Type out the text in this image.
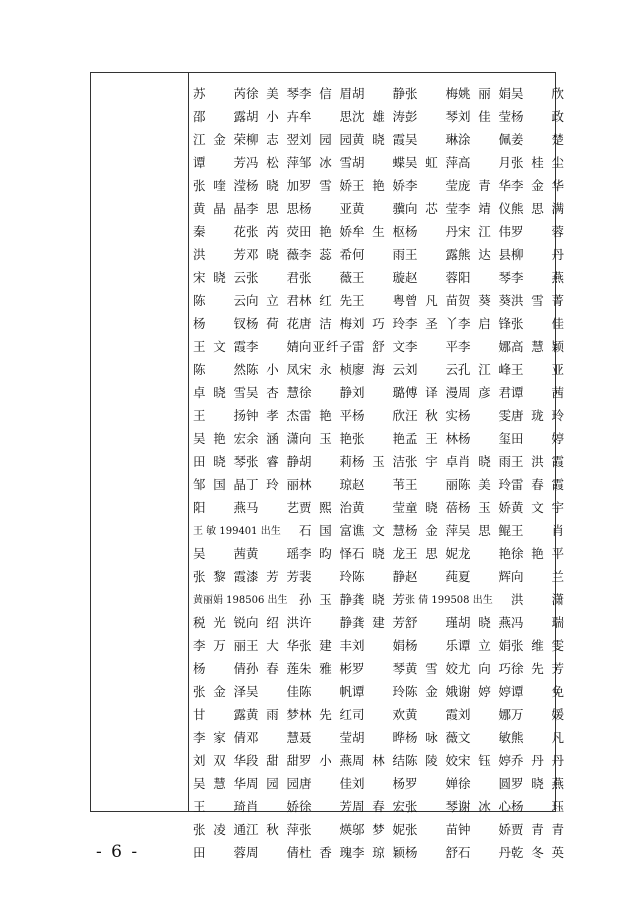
苏 芮 徐美琴 李信眉 胡 静 张 梅 姚丽娟 吴 欣
邵 露 胡小卉 牟 思 沈雄涛 彭 琴 刘佳莹 杨 政
江金荣 柳志翌 刘园园 黄晓霞 吴 琳 涂 佩 姜 楚
谭 芳 冯松萍 邹冰雪 胡 蝶 吴虹萍 高 月 张桂尘
张喹滢 杨晓加 罗雪娇 王艳娇 李 莹 庞青华 李金华
黄晶晶 李思思 杨 亚 黄 骥 向芯莹 李靖仪 熊思满
秦 花 张芮荧 田艳娇 牟生枢 杨 丹 宋江伟 罗 蓉
洪 芳 邓晓薇 李蕊希 何 雨 王 露 熊达县 柳 丹
宋晓云 张 君 张 薇 王 璇 赵 蓉 阳 琴 李 燕
陈 云 向立君 林红先 王 粤 曾凡苗 贺葵葵 洪雪菁
杨 钗 杨荷花 唐洁梅 刘巧玲 李圣丫 李启锋 张 佳
王文霞 李 婧 向亚纤子 雷舒文 李 平 李 娜 高慧颖
陈 然 陈小凤 宋永桢 廖海云 刘 云 孔江峰 王 亚
卓晓雪 吴杏慧 徐 静 刘 璐 傅译漫 周彦君 谭 茜
王 扬 钟孝杰 雷艳平 杨 欣 汪秋实 杨 雯 唐珑玲
吴艳宏 余涵潇 向玉艳 张 艳 孟王林 杨 玺 田 婷
田晓琴 张睿静 胡 莉 杨玉洁 张宇卓 肖晓雨 王洪霞
邹国晶 丁玲丽 林 琼 赵 苇 王 丽 陈美玲 雷春霞
阳 燕 马 艺 贾熙治 黄 莹 童晓蓓 杨玉娇 黄文宇
王 敏 199401 出生	石国富 谯文慧 杨金萍 吴思鲲 王 肖
吴 茜 黄 瑶 李昀怿 石晓龙 王思妮 龙 艳 徐艳平
张黎霞 漆芳芳 裴 玲 陈 静 赵 莼 夏 辉 向 兰
黄丽娟 198506 出生 孙玉静 龚晓芳 张 倩 199508 出生	洪 潇
税光锐 向绍洪 许 静 龚建芳 舒 瑾 胡晓燕 冯 瑞
李万丽 王大华 张建丰 刘 娟 杨 乐 谭立娟 张维雯
杨 倩 孙春莲 朱雅彬 罗 琴 黄雪姣 尤向巧 徐先芳
张金泽 吴 佳 陈 帆 谭 玲 陈金娥 谢婷婷 谭 免
甘 露 黄雨梦 林先红 司 欢 黄 霞 刘 娜 万 媛
李家倩 邓 慧 聂 莹 胡 晔 杨咏薇 文 敏 熊 凡
刘双华 段甜甜 罗小燕 周林结 陈陵姣 宋钰婷 乔丹丹
吴慧华 周园园 唐 佳 刘 杨 罗 婵 徐 圆 罗晓燕
王 琦 肖 娇 徐 芳 周春宏 张 琴 谢冰心 杨 珏
张凌通 江秋萍 张 煐 邬梦妮 张 苗 钟 娇 贾青青
田 蓉 周 倩 杜香瑰 李琼颖 杨 舒 石 丹 乾冬英
- 6 -
